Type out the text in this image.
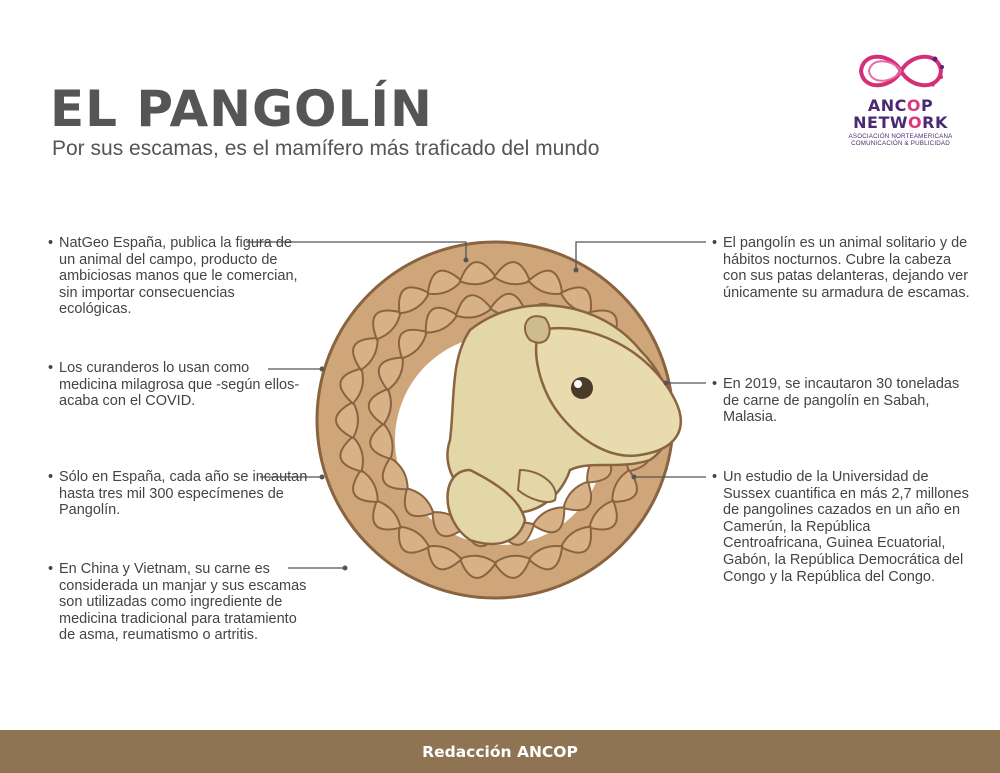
EL PANGOLÍN
Por sus escamas, es el mamífero más traficado del mundo
ANCOP
NETWORK
ASOCIACIÓN NORTEAMERICANA
COMUNICACIÓN & PUBLICIDAD

• NatGeo España, publica la figura de un animal del campo, producto de ambiciosas manos que le comercian, sin importar consecuencias ecológicas.

• Los curanderos lo usan como medicina milagrosa que -según ellos- acaba con el COVID.

• Sólo en España, cada año se incautan hasta tres mil 300 especímenes de Pangolín.

• En China y Vietnam, su carne es considerada un manjar y sus escamas son utilizadas como ingrediente de medicina tradicional para tratamiento de asma, reumatismo o artritis.

• El pangolín es un animal solitario y de hábitos nocturnos. Cubre la cabeza con sus patas delanteras, dejando ver únicamente su armadura de escamas.

• En 2019, se incautaron 30 toneladas de carne de pangolín en Sabah, Malasia.

• Un estudio de la Universidad de Sussex cuantifica en más 2,7 millones de pangolines cazados en un año en Camerún, la República Centroafricana, Guinea Ecuatorial, Gabón, la República Democrática del Congo y la República del Congo.

Redacción ANCOP
